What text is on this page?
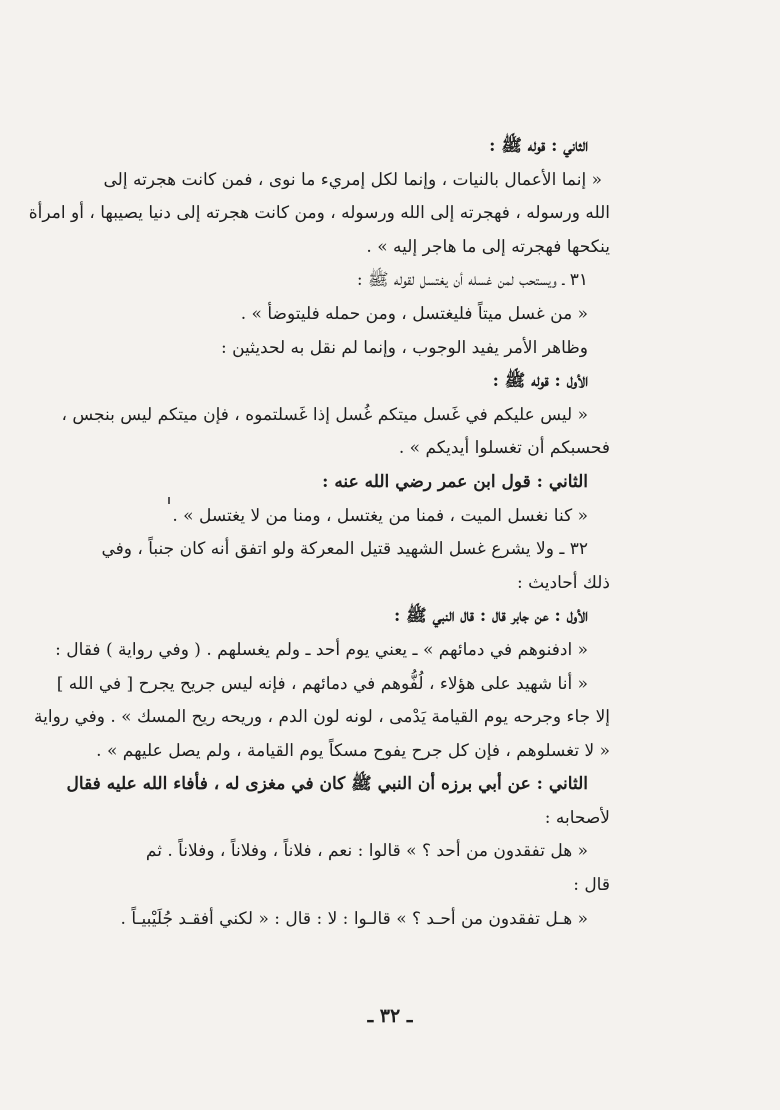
الثاني : قوله ﷺ :
« إنما الأعمال بالنيات ، وإنما لكل إمريء ما نوى ، فمن كانت هجرته إلى
الله ورسوله ، فهجرته إلى الله ورسوله ، ومن كانت هجرته إلى دنيا يصيبها ، أو امرأة
ينكحها فهجرته إلى ما هاجر إليه » .
٣١ ـ ويستحب لمن غسله أن يغتسل لقوله ﷺ :
« من غسل ميتاً فليغتسل ، ومن حمله فليتوضأ » .
وظاهر الأمر يفيد الوجوب ، وإنما لم نقل به لحديثين :
الأول : قوله ﷺ :
« ليس عليكم في غَسل ميتكم غُسل إذا غَسلتموه ، فإن ميتكم ليس بنجس ،
فحسبكم أن تغسلوا أيديكم » .
الثاني : قول ابن عمر رضي الله عنه :
« كنا نغسل الميت ، فمنا من يغتسل ، ومنا من لا يغتسل » .
٣٢ ـ ولا يشرع غسل الشهيد قتيل المعركة ولو اتفق أنه كان جنباً ، وفي
ذلك أحاديث :
الأول : عن جابر قال : قال النبي ﷺ :
« ادفنوهم في دمائهم » ـ يعني يوم أحد ـ ولم يغسلهم . ( وفي رواية ) فقال :
« أنا شهيد على هؤلاء ، لُفُّوهم في دمائهم ، فإنه ليس جريح يجرح [ في الله ]
إلا جاء وجرحه يوم القيامة يَدْمى ، لونه لون الدم ، وريحه ريح المسك » . وفي رواية
« لا تغسلوهم ، فإن كل جرح يفوح مسكاً يوم القيامة ، ولم يصل عليهم » .
الثاني : عن أبي برزه أن النبي ﷺ كان في مغزى له ، فأفاء الله عليه فقال
لأصحابه :
« هل تفقدون من أحد ؟ » قالوا : نعم ، فلاناً ، وفلاناً ، وفلاناً . ثم
قال :
« هـل تفقدون من أحـد ؟ » قالـوا : لا : قال : « لكني أفقـد جُلَيْبيـاً .
ـ ٣٢ ـ
